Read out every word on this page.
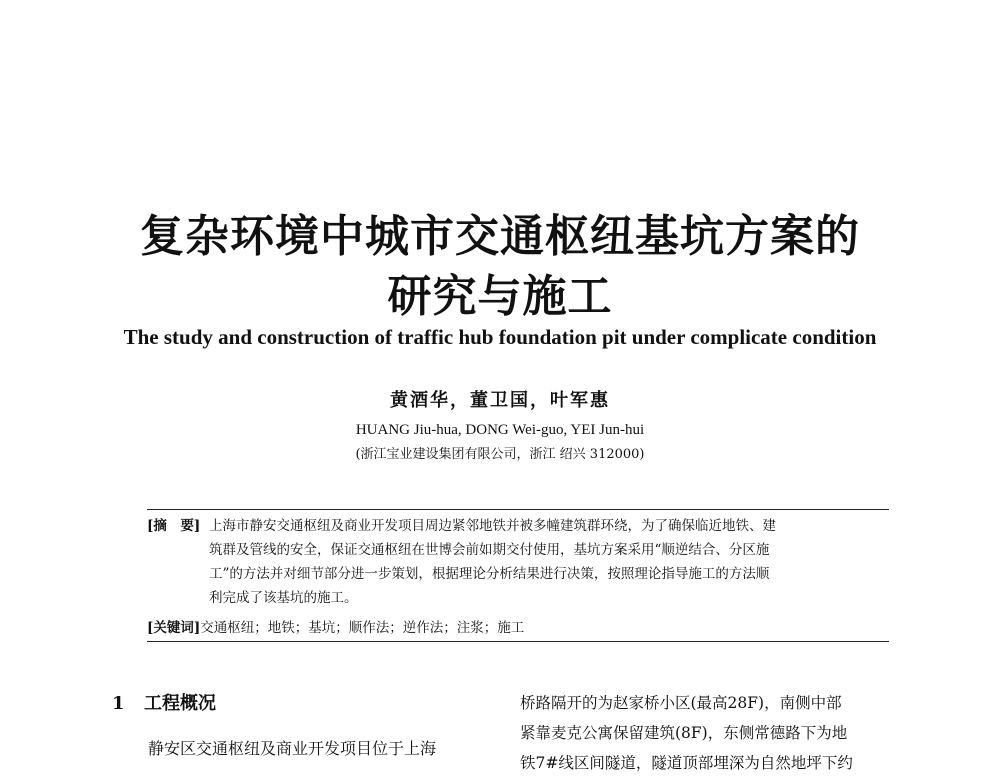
复杂环境中城市交通枢纽基坑方案的
研究与施工
The study and construction of traffic hub foundation pit under complicate condition
黄酒华，董卫国，叶军惠
HUANG Jiu-hua, DONG Wei-guo, YEI Jun-hui
(浙江宝业建设集团有限公司，浙江 绍兴 312000)
[摘　要] 上海市静安交通枢纽及商业开发项目周边紧邻地铁并被多幢建筑群环绕，为了确保临近地铁、建
筑群及管线的安全，保证交通枢纽在世博会前如期交付使用，基坑方案采用“顺逆结合、分区施
工”的方法并对细节部分进一步策划，根据理论分析结果进行决策，按照理论指导施工的方法顺
利完成了该基坑的施工。
[关键词] 交通枢纽；地铁；基坑；顺作法；逆作法；注浆；施工
1 工程概况
静安区交通枢纽及商业开发项目位于上海
桥路隔开的为赵家桥小区(最高28F)，南侧中部
紧靠麦克公寓保留建筑(8F)，东侧常德路下为地
铁7#线区间隧道，隧道顶部埋深为自然地坪下约
